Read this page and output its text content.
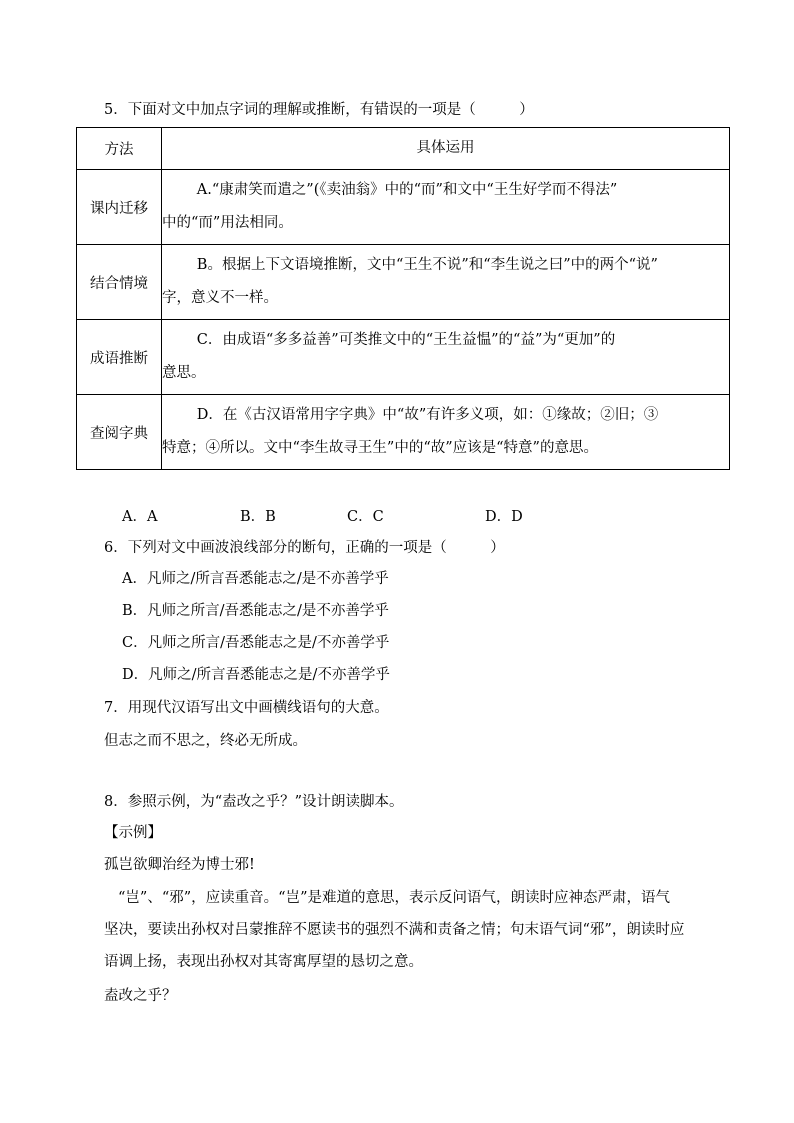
5．下面对文中加点字词的理解或推断，有错误的一项是（　　　）
方法	具体运用
课内迁移	A.“康肃笑而遣之”(《卖油翁》中的“而”和文中“王生好学而不得法”
中的“而”用法相同。
结合情境	B。根据上下文语境推断，文中“王生不说”和“李生说之曰”中的两个“说”
字，意义不一样。
成语推断	C．由成语“多多益善”可类推文中的“王生益愠”的“益”为“更加”的
意思。
查阅字典	D．在《古汉语常用字字典》中“故”有许多义项，如：①缘故；②旧；③
特意；④所以。文中“李生故寻王生”中的“故”应该是“特意”的意思。
A．A	B．B	C．C	D．D
6．下列对文中画波浪线部分的断句，正确的一项是（　　　）
A．凡师之/所言吾悉能志之/是不亦善学乎
B．凡师之所言/吾悉能志之/是不亦善学乎
C．凡师之所言/吾悉能志之是/不亦善学乎
D．凡师之/所言吾悉能志之是/不亦善学乎
7．用现代汉语写出文中画横线语句的大意。
但志之而不思之，终必无所成。
8．参照示例，为“盍改之乎？”设计朗读脚本。
【示例】
孤岂欲卿治经为博士邪!
“岂”、“邪”，应读重音。“岂”是难道的意思，表示反问语气，朗读时应神态严肃，语气
坚决，要读出孙权对吕蒙推辞不愿读书的强烈不满和责备之情；句末语气词“邪”，朗读时应
语调上扬，表现出孙权对其寄寓厚望的恳切之意。
盍改之乎？
